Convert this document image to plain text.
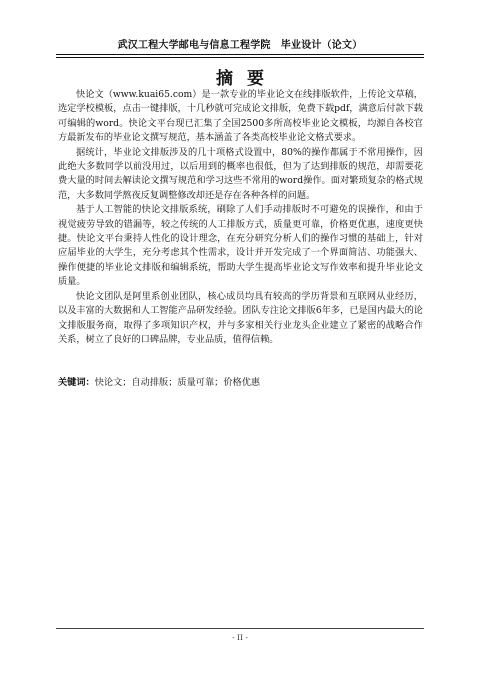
武汉工程大学邮电与信息工程学院　毕业设计（论文）
摘要

快论文（www.kuai65.com）是一款专业的毕业论文在线排版软件，上传论文草稿，选定学校模板，点击一键排版，十几秒就可完成论文排版，免费下载pdf，满意后付款下载可编辑的word。快论文平台现已汇集了全国2500多所高校毕业论文模板，均源自各校官方最新发布的毕业论文撰写规范，基本涵盖了各类高校毕业论文格式要求。

据统计，毕业论文排版涉及的几十项格式设置中，80%的操作都属于不常用操作，因此绝大多数同学以前没用过，以后用到的概率也很低，但为了达到排版的规范，却需要花费大量的时间去解读论文撰写规范和学习这些不常用的word操作。面对繁琐复杂的格式规范，大多数同学熬夜反复调整修改却还是存在各种各样的问题。

基于人工智能的快论文排版系统，刷除了人们手动排版时不可避免的误操作，和由于视觉疲劳导致的错漏等，较之传统的人工排版方式，质量更可靠，价格更优惠，速度更快捷。快论文平台秉持人性化的设计理念，在充分研究分析人们的操作习惯的基础上，针对应届毕业的大学生，充分考虑其个性需求，设计并开发完成了一个界面简洁、功能强大、操作便捷的毕业论文排版和编辑系统，帮助大学生提高毕业论文写作效率和提升毕业论文质量。

快论文团队是阿里系创业团队，核心成员均具有较高的学历背景和互联网从业经历，以及丰富的大数据和人工智能产品研发经验。团队专注论文排版6年多，已是国内最大的论文排版服务商，取得了多项知识产权，并与多家相关行业龙头企业建立了紧密的战略合作关系，树立了良好的口碑品牌，专业品质，值得信赖。

关键词：快论文；自动排版；质量可靠；价格优惠
- II -
